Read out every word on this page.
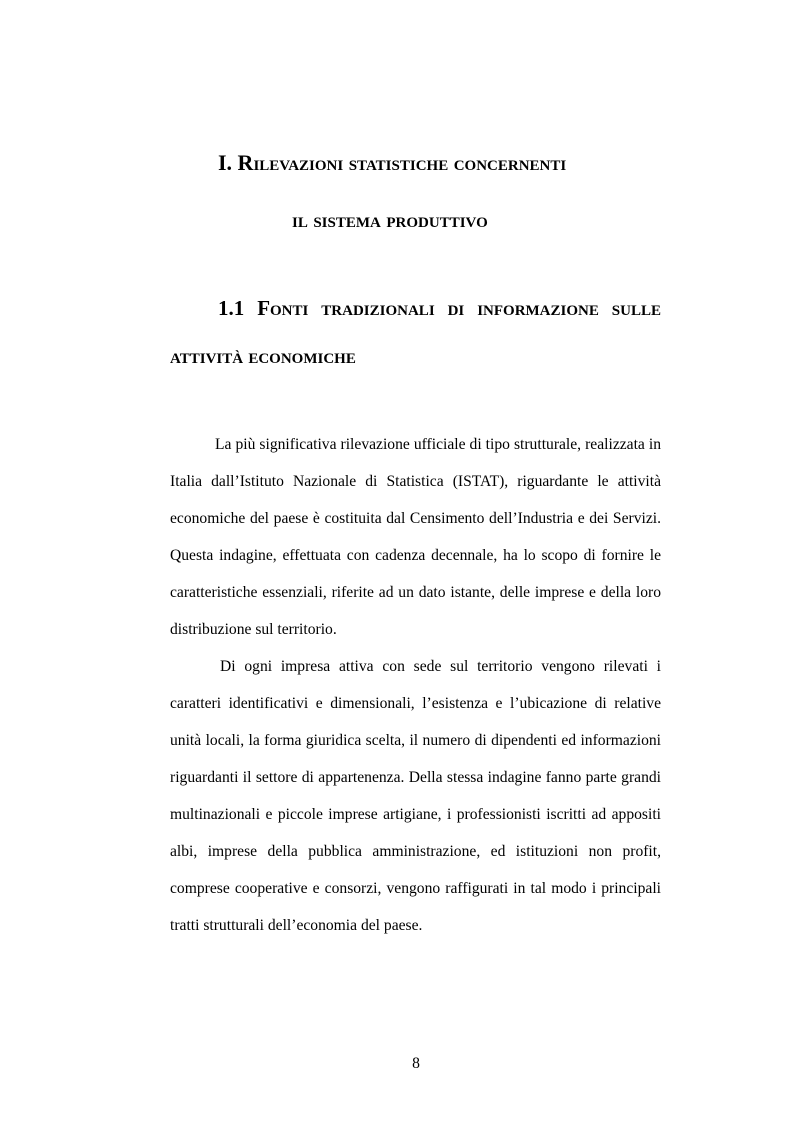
I. Rilevazioni statistiche concernenti
il sistema produttivo
1.1 Fonti tradizionali di informazione sulle
attività economiche

La più significativa rilevazione ufficiale di tipo strutturale, realizzata in Italia dall’Istituto Nazionale di Statistica (ISTAT), riguardante le attività economiche del paese è costituita dal Censimento dell’Industria e dei Servizi. Questa indagine, effettuata con cadenza decennale, ha lo scopo di fornire le caratteristiche essenziali, riferite ad un dato istante, delle imprese e della loro distribuzione sul territorio.

Di ogni impresa attiva con sede sul territorio vengono rilevati i caratteri identificativi e dimensionali, l’esistenza e l’ubicazione di relative unità locali, la forma giuridica scelta, il numero di dipendenti ed informazioni riguardanti il settore di appartenenza. Della stessa indagine fanno parte grandi multinazionali e piccole imprese artigiane, i professionisti iscritti ad appositi albi, imprese della pubblica amministrazione, ed istituzioni non profit, comprese cooperative e consorzi, vengono raffigurati in tal modo i principali tratti strutturali dell’economia del paese.

8
